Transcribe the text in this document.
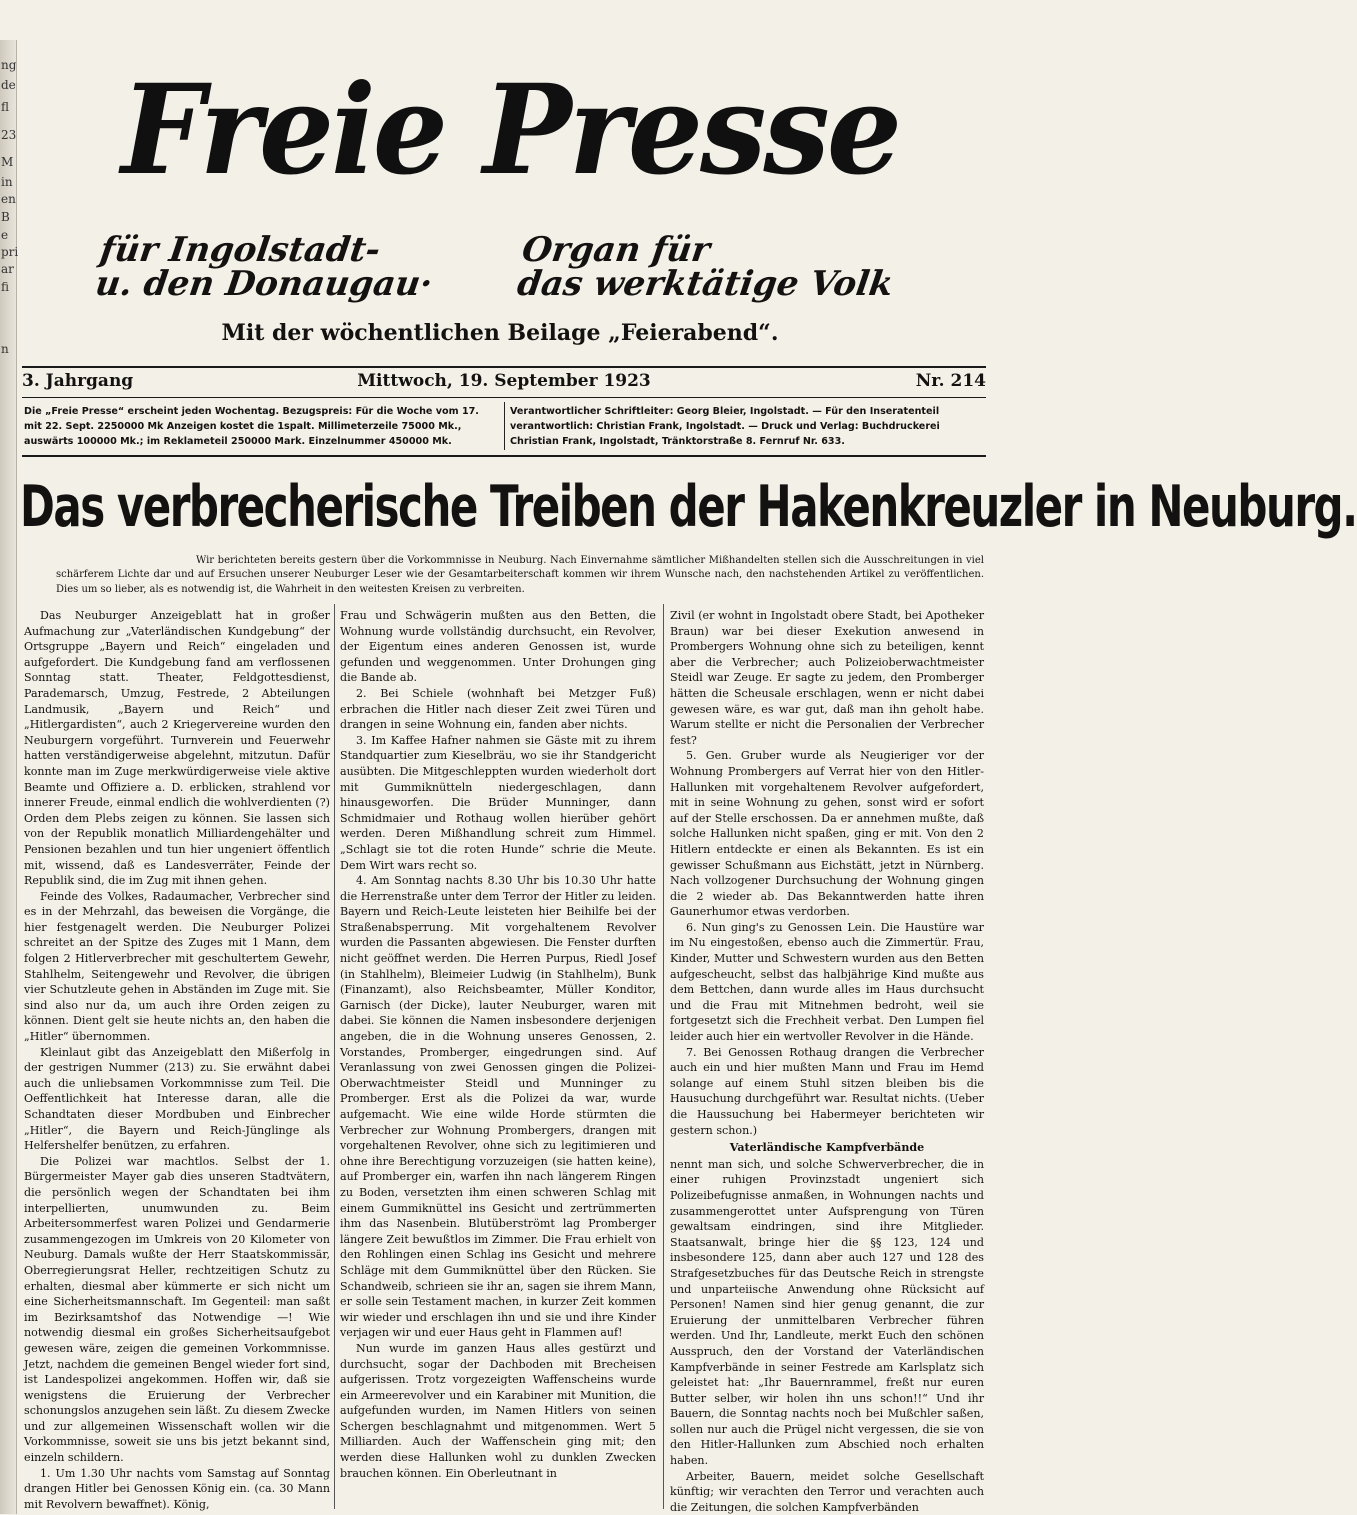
ng
de
fl
23
M
in
en
B
e
pri
ar
fi
n
Freie Presse
für Ingolstadt-
u. den Donaugau·
Organ für
das werktätige Volk
Mit der wöchentlichen Beilage „Feierabend“.
3. Jahrgang	Mittwoch, 19. September 1923	Nr. 214
Die „Freie Presse“ erscheint jeden Wochentag. Bezugspreis: Für die Woche vom 17. mit 22. Sept. 2250000 Mk Anzeigen kostet die 1spalt. Millimeterzeile 75000 Mk., auswärts 100000 Mk.; im Reklameteil 250000 Mark. Einzelnummer 450000 Mk.
Verantwortlicher Schriftleiter: Georg Bleier, Ingolstadt. — Für den Inseratenteil verantwortlich: Christian Frank, Ingolstadt. — Druck und Verlag: Buchdruckerei Christian Frank, Ingolstadt, Tränktorstraße 8. Fernruf Nr. 633.
Das verbrecherische Treiben der Hakenkreuzler in Neuburg.
Wir berichteten bereits gestern über die Vorkommnisse in Neuburg. Nach Einvernahme sämtlicher Mißhandelten stellen sich die Ausschreitungen in viel schärferem Lichte dar und auf Ersuchen unserer Neuburger Leser wie der Gesamtarbeiterschaft kommen wir ihrem Wunsche nach, den nachstehenden Artikel zu veröffentlichen. Dies um so lieber, als es notwendig ist, die Wahrheit in den weitesten Kreisen zu verbreiten.

Das Neuburger Anzeigeblatt hat in großer Aufmachung zur „Vaterländischen Kundgebung“ der Ortsgruppe „Bayern und Reich“ eingeladen und aufgefordert. Die Kundgebung fand am verflossenen Sonntag statt. Theater, Feldgottesdienst, Parademarsch, Umzug, Festrede, 2 Abteilungen Landmusik, „Bayern und Reich“ und „Hitlergardisten“, auch 2 Kriegervereine wurden den Neuburgern vorgeführt. Turnverein und Feuerwehr hatten verständigerweise abgelehnt, mitzutun. Dafür konnte man im Zuge merkwürdigerweise viele aktive Beamte und Offiziere a. D. erblicken, strahlend vor innerer Freude, einmal endlich die wohlverdienten (?) Orden dem Plebs zeigen zu können. Sie lassen sich von der Republik monatlich Milliardengehälter und Pensionen bezahlen und tun hier ungeniert öffentlich mit, wissend, daß es Landesverräter, Feinde der Republik sind, die im Zug mit ihnen gehen.

Feinde des Volkes, Radaumacher, Verbrecher sind es in der Mehrzahl, das beweisen die Vorgänge, die hier festgenagelt werden. Die Neuburger Polizei schreitet an der Spitze des Zuges mit 1 Mann, dem folgen 2 Hitlerverbrecher mit geschultertem Gewehr, Stahlhelm, Seitengewehr und Revolver, die übrigen vier Schutzleute gehen in Abständen im Zuge mit. Sie sind also nur da, um auch ihre Orden zeigen zu können. Dient gelt sie heute nichts an, den haben die „Hitler“ übernommen.

Kleinlaut gibt das Anzeigeblatt den Mißerfolg in der gestrigen Nummer (213) zu. Sie erwähnt dabei auch die unliebsamen Vorkommnisse zum Teil. Die Oeffentlichkeit hat Interesse daran, alle die Schandtaten dieser Mordbuben und Einbrecher „Hitler“, die Bayern und Reich-Jünglinge als Helfershelfer benützen, zu erfahren.

Die Polizei war machtlos. Selbst der 1. Bürgermeister Mayer gab dies unseren Stadtvätern, die persönlich wegen der Schandtaten bei ihm interpellierten, unumwunden zu. Beim Arbeitersommerfest waren Polizei und Gendarmerie zusammengezogen im Umkreis von 20 Kilometer von Neuburg. Damals wußte der Herr Staatskommissär, Oberregierungsrat Heller, rechtzeitigen Schutz zu erhalten, diesmal aber kümmerte er sich nicht um eine Sicherheitsmannschaft. Im Gegenteil: man saßt im Bezirksamtshof das Notwendige —! Wie notwendig diesmal ein großes Sicherheitsaufgebot gewesen wäre, zeigen die gemeinen Vorkommnisse. Jetzt, nachdem die gemeinen Bengel wieder fort sind, ist Landespolizei angekommen. Hoffen wir, daß sie wenigstens die Eruierung der Verbrecher schonungslos anzugehen sein läßt. Zu diesem Zwecke und zur allgemeinen Wissenschaft wollen wir die Vorkommnisse, soweit sie uns bis jetzt bekannt sind, einzeln schildern.

1. Um 1.30 Uhr nachts vom Samstag auf Sonntag drangen Hitler bei Genossen König ein. (ca. 30 Mann mit Revolvern bewaffnet). König,

Frau und Schwägerin mußten aus den Betten, die Wohnung wurde vollständig durchsucht, ein Revolver, der Eigentum eines anderen Genossen ist, wurde gefunden und weggenommen. Unter Drohungen ging die Bande ab.

2. Bei Schiele (wohnhaft bei Metzger Fuß) erbrachen die Hitler nach dieser Zeit zwei Türen und drangen in seine Wohnung ein, fanden aber nichts.

3. Im Kaffee Hafner nahmen sie Gäste mit zu ihrem Standquartier zum Kieselbräu, wo sie ihr Standgericht ausübten. Die Mitgeschleppten wurden wiederholt dort mit Gummiknütteln niedergeschlagen, dann hinausgeworfen. Die Brüder Munninger, dann Schmidmaier und Rothaug wollen hierüber gehört werden. Deren Mißhandlung schreit zum Himmel. „Schlagt sie tot die roten Hunde“ schrie die Meute. Dem Wirt wars recht so.

4. Am Sonntag nachts 8.30 Uhr bis 10.30 Uhr hatte die Herrenstraße unter dem Terror der Hitler zu leiden. Bayern und Reich-Leute leisteten hier Beihilfe bei der Straßenabsperrung. Mit vorgehaltenem Revolver wurden die Passanten abgewiesen. Die Fenster durften nicht geöffnet werden. Die Herren Purpus, Riedl Josef (in Stahlhelm), Bleimeier Ludwig (in Stahlhelm), Bunk (Finanzamt), also Reichsbeamter, Müller Konditor, Garnisch (der Dicke), lauter Neuburger, waren mit dabei. Sie können die Namen insbesondere derjenigen angeben, die in die Wohnung unseres Genossen, 2. Vorstandes, Promberger, eingedrungen sind. Auf Veranlassung von zwei Genossen gingen die Polizei-Oberwachtmeister Steidl und Munninger zu Promberger. Erst als die Polizei da war, wurde aufgemacht. Wie eine wilde Horde stürmten die Verbrecher zur Wohnung Prombergers, drangen mit vorgehaltenen Revolver, ohne sich zu legitimieren und ohne ihre Berechtigung vorzuzeigen (sie hatten keine), auf Promberger ein, warfen ihn nach längerem Ringen zu Boden, versetzten ihm einen schweren Schlag mit einem Gummiknüttel ins Gesicht und zertrümmerten ihm das Nasenbein. Blutüberströmt lag Promberger längere Zeit bewußtlos im Zimmer. Die Frau erhielt von den Rohlingen einen Schlag ins Gesicht und mehrere Schläge mit dem Gummiknüttel über den Rücken. Sie Schandweib, schrieen sie ihr an, sagen sie ihrem Mann, er solle sein Testament machen, in kurzer Zeit kommen wir wieder und erschlagen ihn und sie und ihre Kinder verjagen wir und euer Haus geht in Flammen auf!

Nun wurde im ganzen Haus alles gestürzt und durchsucht, sogar der Dachboden mit Brecheisen aufgerissen. Trotz vorgezeigten Waffenscheins wurde ein Armeerevolver und ein Karabiner mit Munition, die aufgefunden wurden, im Namen Hitlers von seinen Schergen beschlagnahmt und mitgenommen. Wert 5 Milliarden. Auch der Waffenschein ging mit; den werden diese Hallunken wohl zu dunklen Zwecken brauchen können. Ein Oberleutnant in

Zivil (er wohnt in Ingolstadt obere Stadt, bei Apotheker Braun) war bei dieser Exekution anwesend in Prombergers Wohnung ohne sich zu beteiligen, kennt aber die Verbrecher; auch Polizeioberwachtmeister Steidl war Zeuge. Er sagte zu jedem, den Promberger hätten die Scheusale erschlagen, wenn er nicht dabei gewesen wäre, es war gut, daß man ihn geholt habe. Warum stellte er nicht die Personalien der Verbrecher fest?

5. Gen. Gruber wurde als Neugieriger vor der Wohnung Prombergers auf Verrat hier von den Hitler-Hallunken mit vorgehaltenem Revolver aufgefordert, mit in seine Wohnung zu gehen, sonst wird er sofort auf der Stelle erschossen. Da er annehmen mußte, daß solche Hallunken nicht spaßen, ging er mit. Von den 2 Hitlern entdeckte er einen als Bekannten. Es ist ein gewisser Schußmann aus Eichstätt, jetzt in Nürnberg. Nach vollzogener Durchsuchung der Wohnung gingen die 2 wieder ab. Das Bekanntwerden hatte ihren Gaunerhumor etwas verdorben.

6. Nun ging's zu Genossen Lein. Die Haustüre war im Nu eingestoßen, ebenso auch die Zimmertür. Frau, Kinder, Mutter und Schwestern wurden aus den Betten aufgescheucht, selbst das halbjährige Kind mußte aus dem Bettchen, dann wurde alles im Haus durchsucht und die Frau mit Mitnehmen bedroht, weil sie fortgesetzt sich die Frechheit verbat. Den Lumpen fiel leider auch hier ein wertvoller Revolver in die Hände.

7. Bei Genossen Rothaug drangen die Verbrecher auch ein und hier mußten Mann und Frau im Hemd solange auf einem Stuhl sitzen bleiben bis die Hausuchung durchgeführt war. Resultat nichts. (Ueber die Haussuchung bei Habermeyer berichteten wir gestern schon.)

Vaterländische Kampfverbände

nennt man sich, und solche Schwerverbrecher, die in einer ruhigen Provinzstadt ungeniert sich Polizeibefugnisse anmaßen, in Wohnungen nachts und zusammengerottet unter Aufsprengung von Türen gewaltsam eindringen, sind ihre Mitglieder. Staatsanwalt, bringe hier die §§ 123, 124 und insbesondere 125, dann aber auch 127 und 128 des Strafgesetzbuches für das Deutsche Reich in strengste und unparteiische Anwendung ohne Rücksicht auf Personen! Namen sind hier genug genannt, die zur Eruierung der unmittelbaren Verbrecher führen werden. Und Ihr, Landleute, merkt Euch den schönen Ausspruch, den der Vorstand der Vaterländischen Kampfverbände in seiner Festrede am Karlsplatz sich geleistet hat: „Ihr Bauernrammel, freßt nur euren Butter selber, wir holen ihn uns schon!!“ Und ihr Bauern, die Sonntag nachts noch bei Mußchler saßen, sollen nur auch die Prügel nicht vergessen, die sie von den Hitler-Hallunken zum Abschied noch erhalten haben.

Arbeiter, Bauern, meidet solche Gesellschaft künftig; wir verachten den Terror und verachten auch die Zeitungen, die solchen Kampfverbänden
